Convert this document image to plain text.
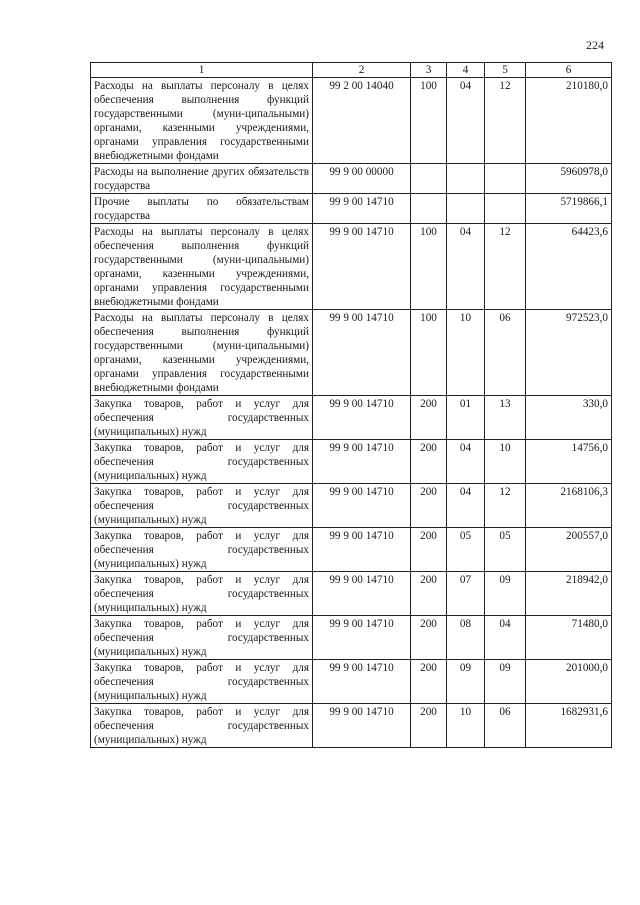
224
1	2	3	4	5	6
Расходы на выплаты персоналу в целях обеспечения выполнения функций государственными (муни-ципальными) органами, казенными учреждениями, органами управления государственными внебюджетными фондами	99 2 00 14040	100	04	12	210180,0
Расходы на выполнение других обязательств государства	99 9 00 00000				5960978,0
Прочие выплаты по обязательствам государства	99 9 00 14710				5719866,1
Расходы на выплаты персоналу в целях обеспечения выполнения функций государственными (муни-ципальными) органами, казенными учреждениями, органами управления государственными внебюджетными фондами	99 9 00 14710	100	04	12	64423,6
Расходы на выплаты персоналу в целях обеспечения выполнения функций государственными (муни-ципальными) органами, казенными учреждениями, органами управления государственными внебюджетными фондами	99 9 00 14710	100	10	06	972523,0
Закупка товаров, работ и услуг для обеспечения государственных (муниципальных) нужд	99 9 00 14710	200	01	13	330,0
Закупка товаров, работ и услуг для обеспечения государственных (муниципальных) нужд	99 9 00 14710	200	04	10	14756,0
Закупка товаров, работ и услуг для обеспечения государственных (муниципальных) нужд	99 9 00 14710	200	04	12	2168106,3
Закупка товаров, работ и услуг для обеспечения государственных (муниципальных) нужд	99 9 00 14710	200	05	05	200557,0
Закупка товаров, работ и услуг для обеспечения государственных (муниципальных) нужд	99 9 00 14710	200	07	09	218942,0
Закупка товаров, работ и услуг для обеспечения государственных (муниципальных) нужд	99 9 00 14710	200	08	04	71480,0
Закупка товаров, работ и услуг для обеспечения государственных (муниципальных) нужд	99 9 00 14710	200	09	09	201000,0
Закупка товаров, работ и услуг для обеспечения государственных (муниципальных) нужд	99 9 00 14710	200	10	06	1682931,6
